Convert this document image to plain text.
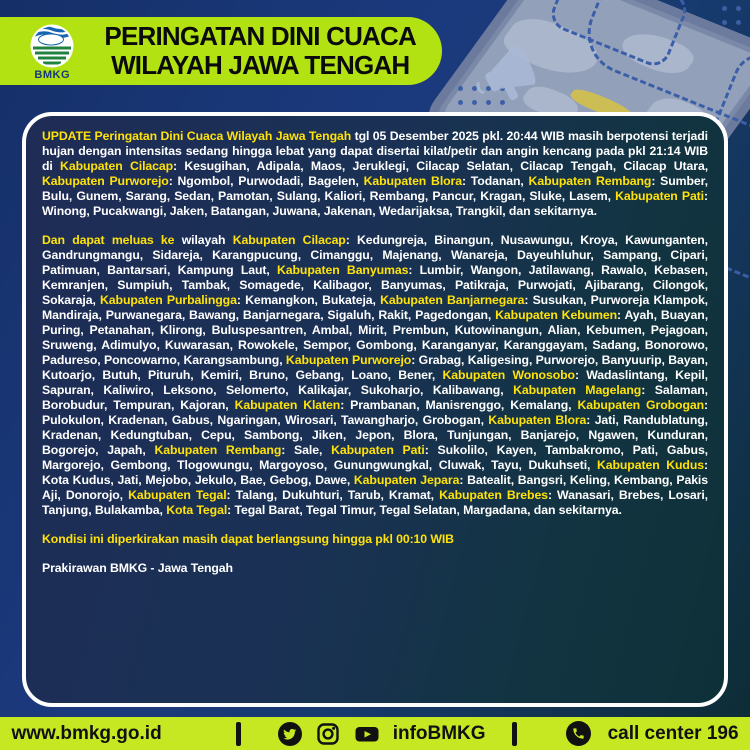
BMKG
PERINGATAN DINI CUACA
WILAYAH JAWA TENGAH

UPDATE Peringatan Dini Cuaca Wilayah Jawa Tengah tgl 05 Desember 2025 pkl. 20:44 WIB masih berpotensi terjadi hujan dengan intensitas sedang hingga lebat yang dapat disertai kilat/petir dan angin kencang pada pkl 21:14 WIB di Kabupaten Cilacap: Kesugihan, Adipala, Maos, Jeruklegi, Cilacap Selatan, Cilacap Tengah, Cilacap Utara, Kabupaten Purworejo: Ngombol, Purwodadi, Bagelen, Kabupaten Blora: Todanan, Kabupaten Rembang: Sumber, Bulu, Gunem, Sarang, Sedan, Pamotan, Sulang, Kaliori, Rembang, Pancur, Kragan, Sluke, Lasem, Kabupaten Pati: Winong, Pucakwangi, Jaken, Batangan, Juwana, Jakenan, Wedarijaksa, Trangkil, dan sekitarnya.

Dan dapat meluas ke wilayah Kabupaten Cilacap: Kedungreja, Binangun, Nusawungu, Kroya, Kawunganten, Gandrungmangu, Sidareja, Karangpucung, Cimanggu, Majenang, Wanareja, Dayeuhluhur, Sampang, Cipari, Patimuan, Bantarsari, Kampung Laut, Kabupaten Banyumas: Lumbir, Wangon, Jatilawang, Rawalo, Kebasen, Kemranjen, Sumpiuh, Tambak, Somagede, Kalibagor, Banyumas, Patikraja, Purwojati, Ajibarang, Cilongok, Sokaraja, Kabupaten Purbalingga: Kemangkon, Bukateja, Kabupaten Banjarnegara: Susukan, Purworeja Klampok, Mandiraja, Purwanegara, Bawang, Banjarnegara, Sigaluh, Rakit, Pagedongan, Kabupaten Kebumen: Ayah, Buayan, Puring, Petanahan, Klirong, Buluspesantren, Ambal, Mirit, Prembun, Kutowinangun, Alian, Kebumen, Pejagoan, Sruweng, Adimulyo, Kuwarasan, Rowokele, Sempor, Gombong, Karanganyar, Karanggayam, Sadang, Bonorowo, Padureso, Poncowarno, Karangsambung, Kabupaten Purworejo: Grabag, Kaligesing, Purworejo, Banyuurip, Bayan, Kutoarjo, Butuh, Pituruh, Kemiri, Bruno, Gebang, Loano, Bener, Kabupaten Wonosobo: Wadaslintang, Kepil, Sapuran, Kaliwiro, Leksono, Selomerto, Kalikajar, Sukoharjo, Kalibawang, Kabupaten Magelang: Salaman, Borobudur, Tempuran, Kajoran, Kabupaten Klaten: Prambanan, Manisrenggo, Kemalang, Kabupaten Grobogan: Pulokulon, Kradenan, Gabus, Ngaringan, Wirosari, Tawangharjo, Grobogan, Kabupaten Blora: Jati, Randublatung, Kradenan, Kedungtuban, Cepu, Sambong, Jiken, Jepon, Blora, Tunjungan, Banjarejo, Ngawen, Kunduran, Bogorejo, Japah, Kabupaten Rembang: Sale, Kabupaten Pati: Sukolilo, Kayen, Tambakromo, Pati, Gabus, Margorejo, Gembong, Tlogowungu, Margoyoso, Gunungwungkal, Cluwak, Tayu, Dukuhseti, Kabupaten Kudus: Kota Kudus, Jati, Mejobo, Jekulo, Bae, Gebog, Dawe, Kabupaten Jepara: Batealit, Bangsri, Keling, Kembang, Pakis Aji, Donorojo, Kabupaten Tegal: Talang, Dukuhturi, Tarub, Kramat, Kabupaten Brebes: Wanasari, Brebes, Losari, Tanjung, Bulakamba, Kota Tegal: Tegal Barat, Tegal Timur, Tegal Selatan, Margadana, dan sekitarnya.

Kondisi ini diperkirakan masih dapat berlangsung hingga pkl 00:10 WIB

Prakirawan BMKG - Jawa Tengah

www.bmkg.go.id	infoBMKG	call center 196
